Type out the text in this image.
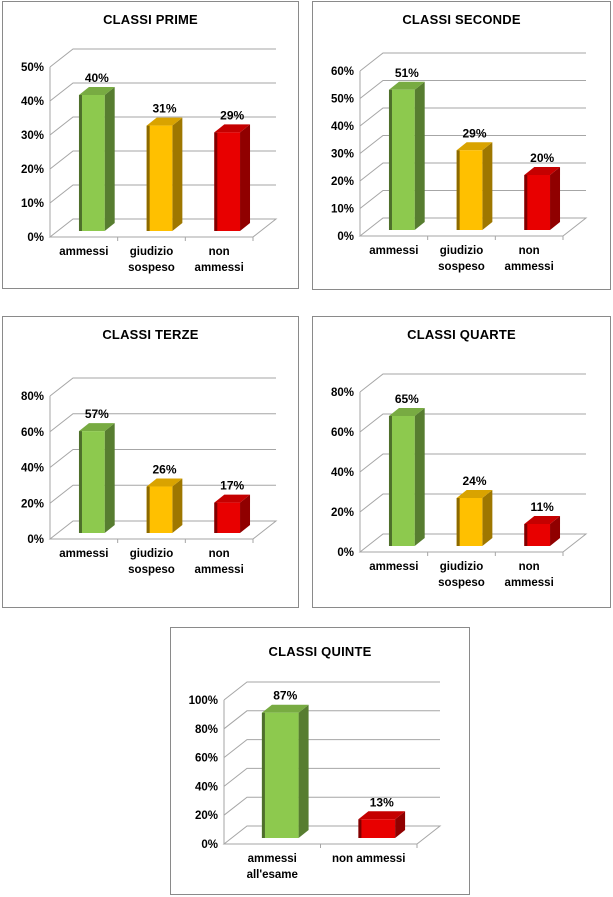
CLASSI PRIME
40%
31%	29%
0%
10%
20%
30%
40%
50%
ammessi giudizio
sospeso
non
ammessi
CLASSI SECONDE
51%
29%
20%
0%
10%
20%
30%
40%
50%
60%
ammessi giudizio
sospeso
non
ammessi
CLASSI TERZE
57%
26%
17%
0%
20%
40%
60%
80%
ammessi giudizio
sospeso
non
ammessi
CLASSI QUARTE
65%
24%
11%
0%
20%
40%
60%
80%
ammessi giudizio
sospeso
non
ammessi
CLASSI QUINTE
87%
13%
0%
20%
40%
60%
80%
100%
ammessi
all'esame
non ammessi
